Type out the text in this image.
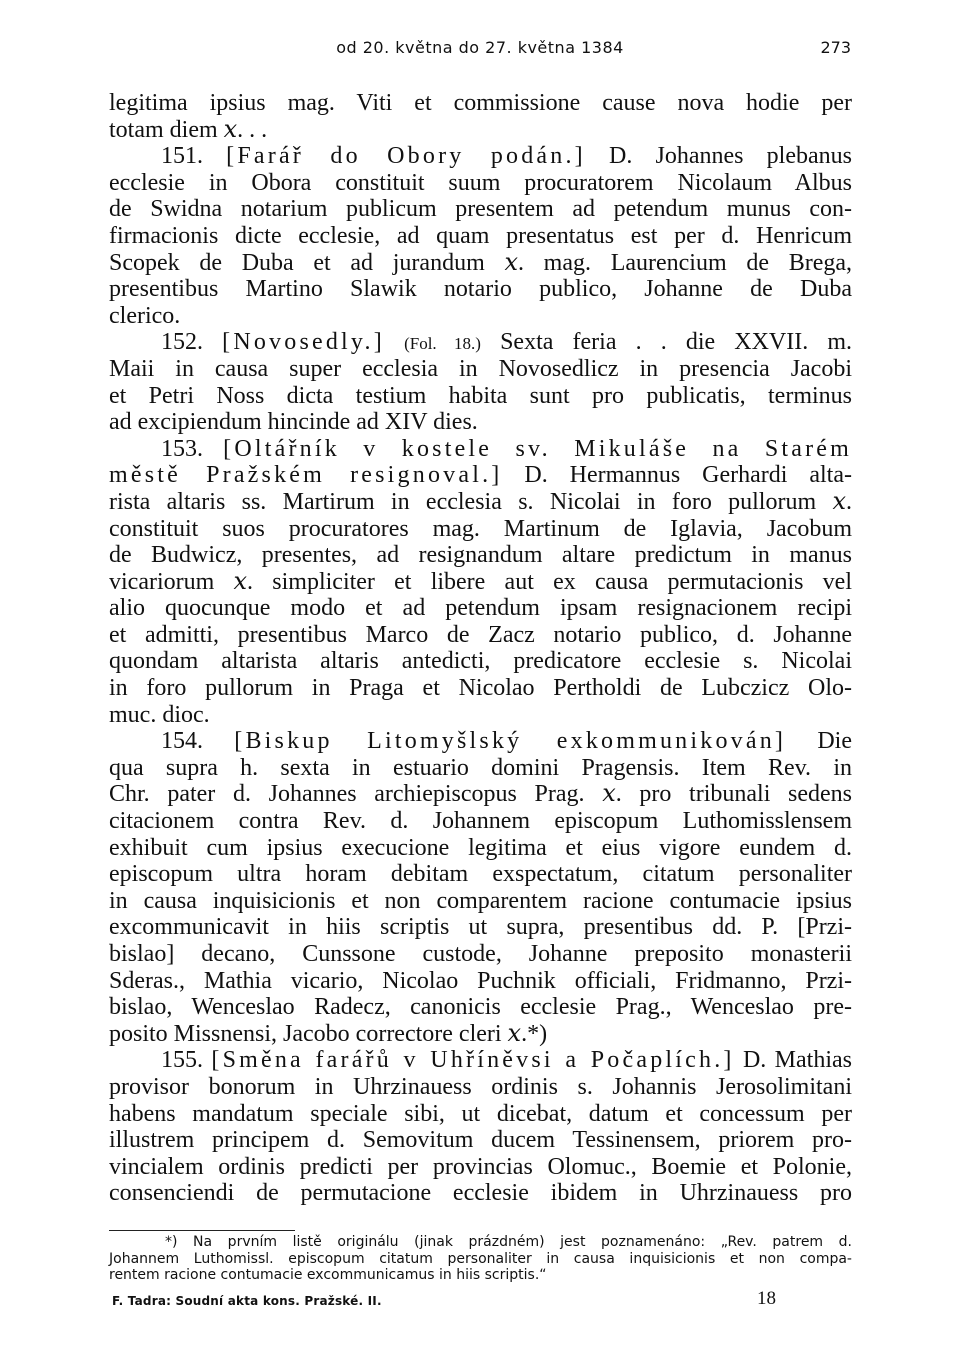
od 20. května do 27. května 1384	273
legitima ipsius mag. Viti et commissione cause nova hodie per
totam diem 𝑥. . .
151. [Farář do Obory podán.] D. Johannes plebanus
ecclesie in Obora constituit suum procuratorem Nicolaum Albus
de Swidna notarium publicum presentem ad petendum munus con-
firmacionis dicte ecclesie, ad quam presentatus est per d. Henricum
Scopek de Duba et ad jurandum 𝑥. mag. Laurencium de Brega,
presentibus Martino Slawik notario publico, Johanne de Duba
clerico.
152. [Novosedly.] (Fol. 18.) Sexta feria . . die XXVII. m.
Maii in causa super ecclesia in Novosedlicz in presencia Jacobi
et Petri Noss dicta testium habita sunt pro publicatis, terminus
ad excipiendum hincinde ad XIV dies.
153. [Oltářník v kostele sv. Mikuláše na Starém
městě Pražském resignoval.] D. Hermannus Gerhardi alta-
rista altaris ss. Martirum in ecclesia s. Nicolai in foro pullorum 𝑥.
constituit suos procuratores mag. Martinum de Iglavia, Jacobum
de Budwicz, presentes, ad resignandum altare predictum in manus
vicariorum 𝑥. simpliciter et libere aut ex causa permutacionis vel
alio quocunque modo et ad petendum ipsam resignacionem recipi
et admitti, presentibus Marco de Zacz notario publico, d. Johanne
quondam altarista altaris antedicti, predicatore ecclesie s. Nicolai
in foro pullorum in Praga et Nicolao Pertholdi de Lubczicz Olo-
muc. dioc.
154. [Biskup Litomyšlský exkommunikován] Die
qua supra h. sexta in estuario domini Pragensis. Item Rev. in
Chr. pater d. Johannes archiepiscopus Prag. 𝑥. pro tribunali sedens
citacionem contra Rev. d. Johannem episcopum Luthomisslensem
exhibuit cum ipsius execucione legitima et eius vigore eundem d.
episcopum ultra horam debitam exspectatum, citatum personaliter
in causa inquisicionis et non comparentem racione contumacie ipsius
excommunicavit in hiis scriptis ut supra, presentibus dd. P. [Przi-
bislao] decano, Cunssone custode, Johanne preposito monasterii
Sderas., Mathia vicario, Nicolao Puchnik officiali, Fridmanno, Przi-
bislao, Wenceslao Radecz, canonicis ecclesie Prag., Wenceslao pre-
posito Missnensi, Jacobo correctore cleri 𝑥.*)
155. [Směna farářů v Uhříněvsi a Počaplích.] D. Mathias
provisor bonorum in Uhrzinauess ordinis s. Johannis Jerosolimitani
habens mandatum speciale sibi, ut dicebat, datum et concessum per
illustrem principem d. Semovitum ducem Tessinensem, priorem pro-
vincialem ordinis predicti per provincias Olomuc., Boemie et Polonie,
consenciendi de permutacione ecclesie ibidem in Uhrzinauess pro
*) Na prvním listě originálu (jinak prázdném) jest poznamenáno: „Rev. patrem d.
Johannem Luthomissl. episcopum citatum personaliter in causa inquisicionis et non compa-
rentem racione contumacie excommunicamus in hiis scriptis.“
F. Tadra: Soudní akta kons. Pražské. II.	18
